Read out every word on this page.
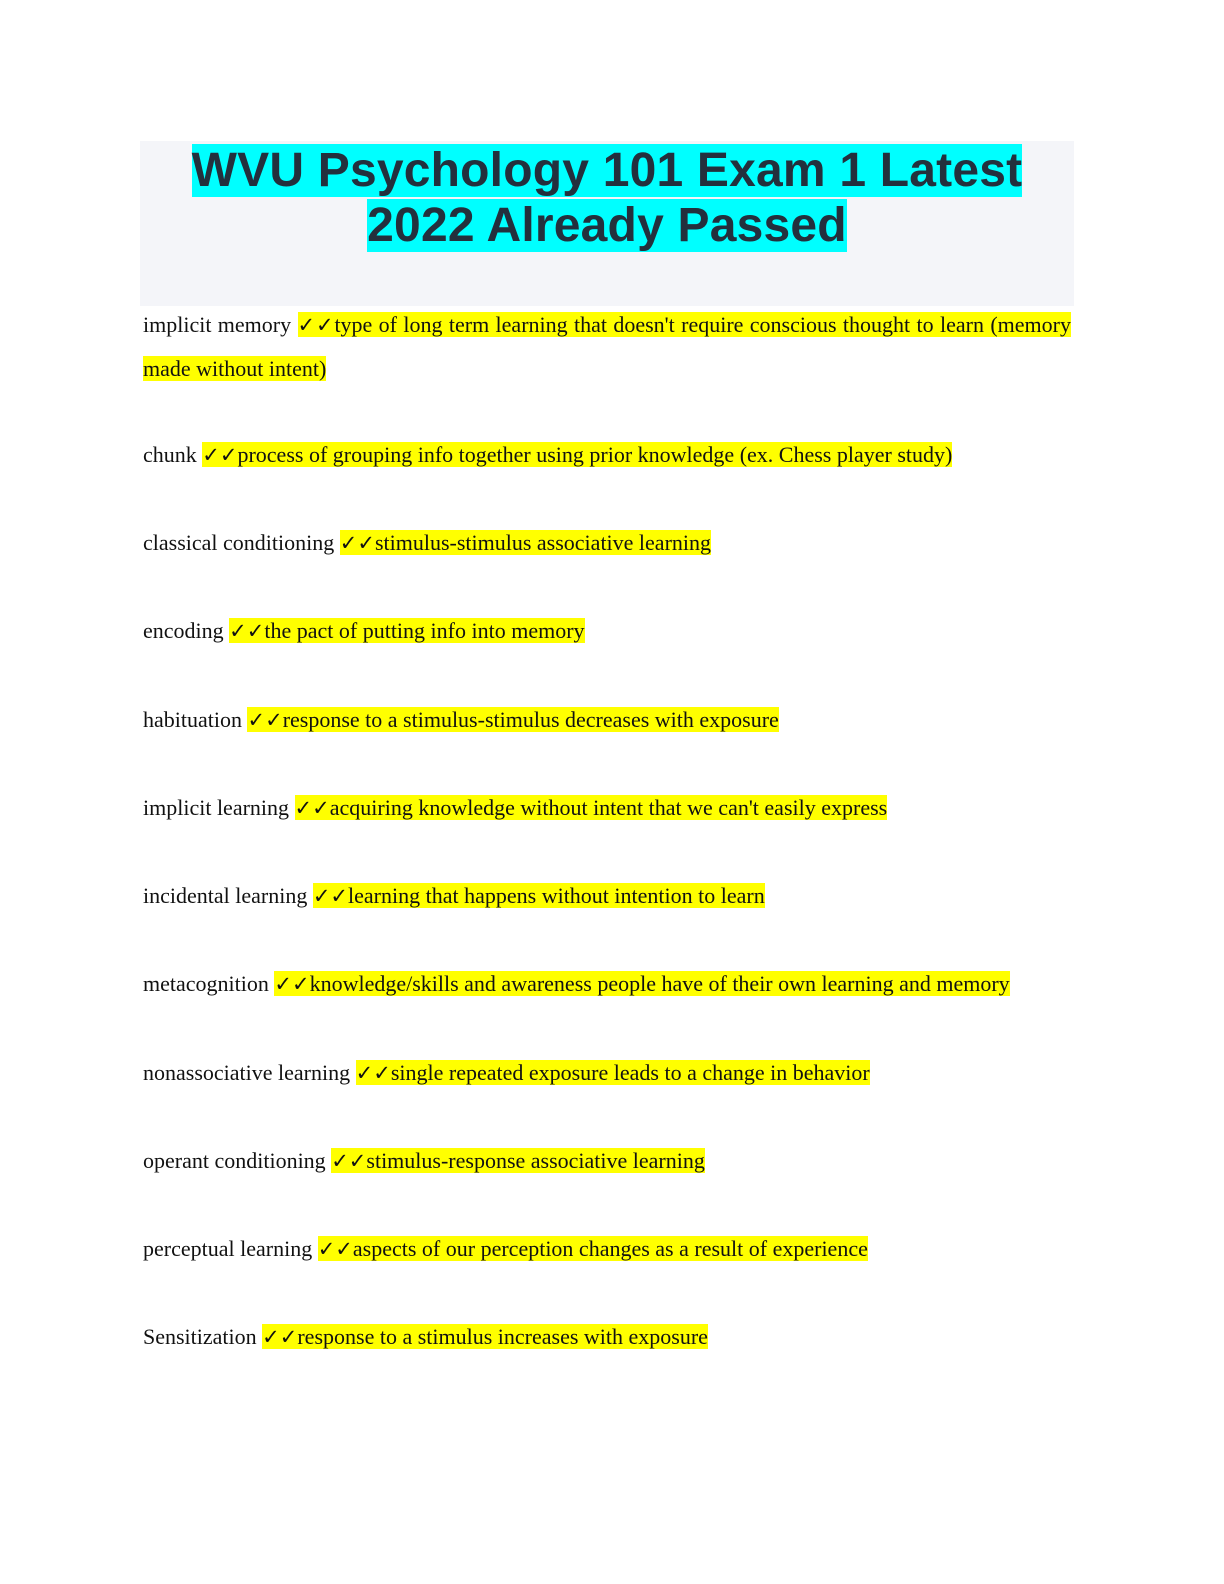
WVU Psychology 101 Exam 1 Latest
2022 Already Passed

implicit memory ✓✓type of long term learning that doesn't require conscious thought to learn (memory made without intent)

chunk ✓✓process of grouping info together using prior knowledge (ex. Chess player study)

classical conditioning ✓✓stimulus-stimulus associative learning

encoding ✓✓the pact of putting info into memory

habituation ✓✓response to a stimulus-stimulus decreases with exposure

implicit learning ✓✓acquiring knowledge without intent that we can't easily express

incidental learning ✓✓learning that happens without intention to learn

metacognition ✓✓knowledge/skills and awareness people have of their own learning and memory

nonassociative learning ✓✓single repeated exposure leads to a change in behavior

operant conditioning ✓✓stimulus-response associative learning

perceptual learning ✓✓aspects of our perception changes as a result of experience

Sensitization ✓✓response to a stimulus increases with exposure
